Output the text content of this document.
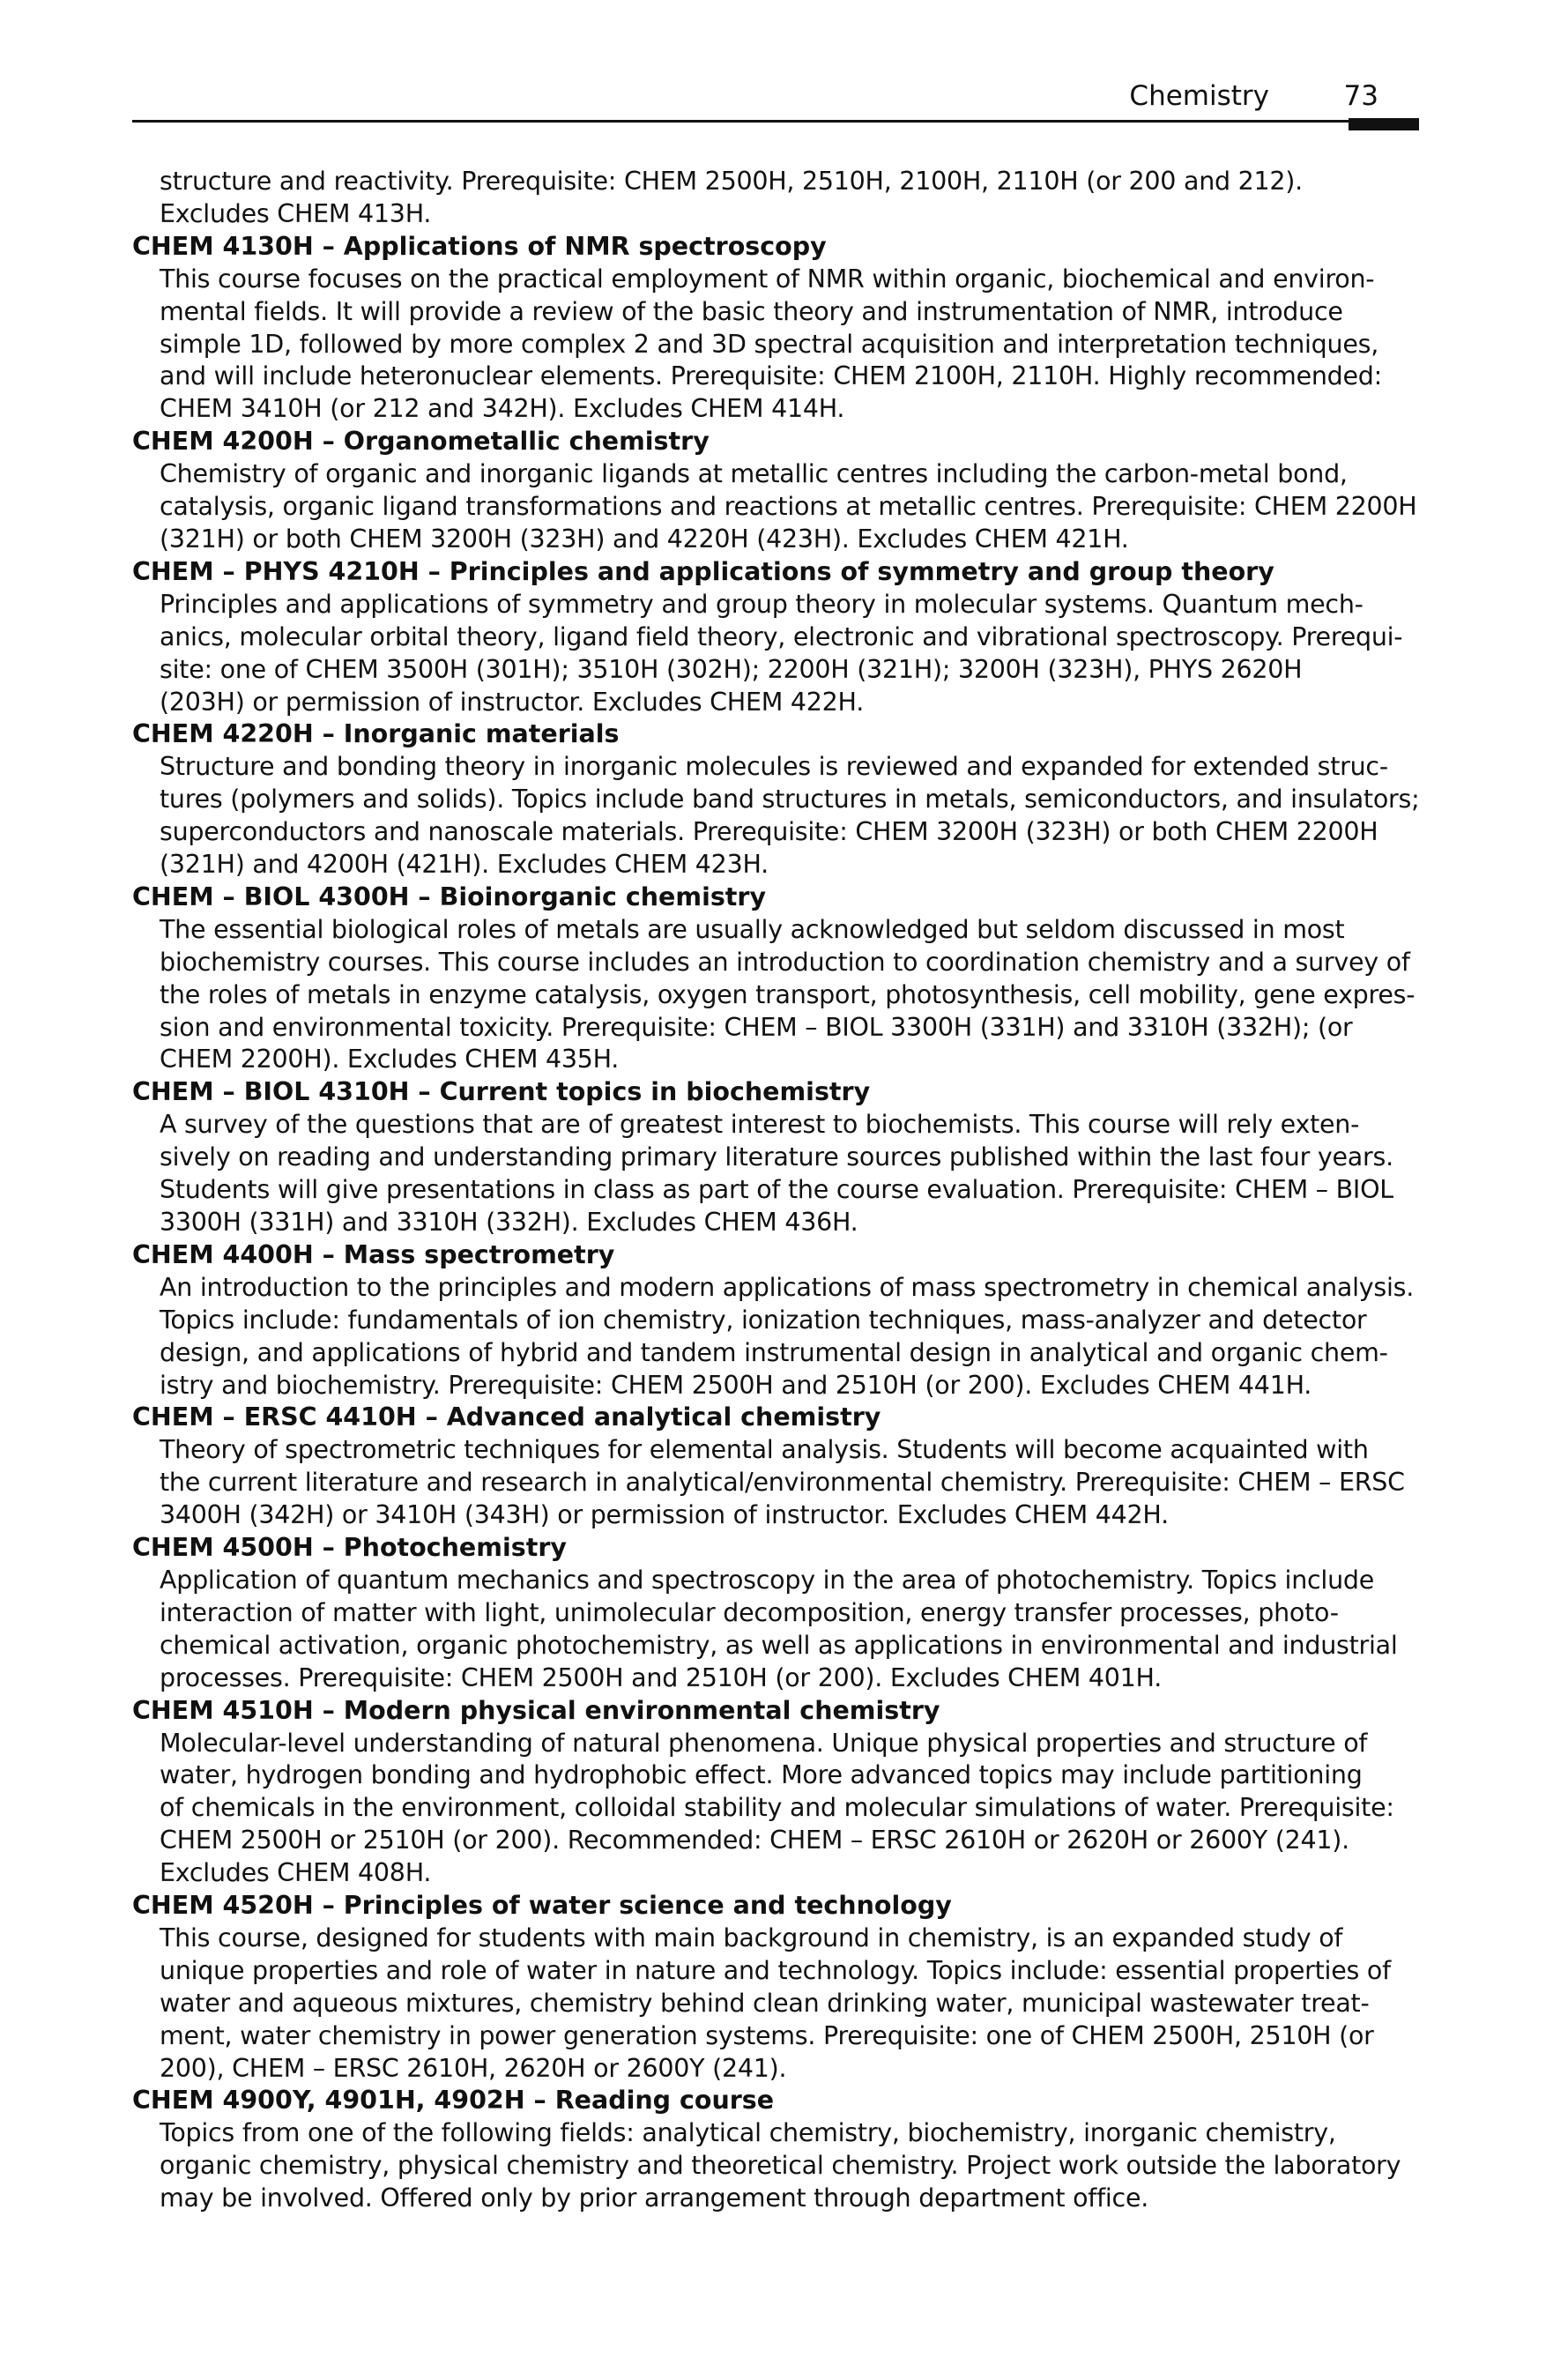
Chemistry	73
structure and reactivity. Prerequisite: CHEM 2500H, 2510H, 2100H, 2110H (or 200 and 212).
Excludes CHEM 413H.
CHEM 4130H – Applications of NMR spectroscopy
This course focuses on the practical employment of NMR within organic, biochemical and environ-
mental fields. It will provide a review of the basic theory and instrumentation of NMR, introduce
simple 1D, followed by more complex 2 and 3D spectral acquisition and interpretation techniques,
and will include heteronuclear elements. Prerequisite: CHEM 2100H, 2110H. Highly recommended:
CHEM 3410H (or 212 and 342H). Excludes CHEM 414H.
CHEM 4200H – Organometallic chemistry
Chemistry of organic and inorganic ligands at metallic centres including the carbon-metal bond,
catalysis, organic ligand transformations and reactions at metallic centres. Prerequisite: CHEM 2200H
(321H) or both CHEM 3200H (323H) and 4220H (423H). Excludes CHEM 421H.
CHEM – PHYS 4210H – Principles and applications of symmetry and group theory
Principles and applications of symmetry and group theory in molecular systems. Quantum mech-
anics, molecular orbital theory, ligand field theory, electronic and vibrational spectroscopy. Prerequi-
site: one of CHEM 3500H (301H); 3510H (302H); 2200H (321H); 3200H (323H), PHYS 2620H
(203H) or permission of instructor. Excludes CHEM 422H.
CHEM 4220H – Inorganic materials
Structure and bonding theory in inorganic molecules is reviewed and expanded for extended struc-
tures (polymers and solids). Topics include band structures in metals, semiconductors, and insulators;
superconductors and nanoscale materials. Prerequisite: CHEM 3200H (323H) or both CHEM 2200H
(321H) and 4200H (421H). Excludes CHEM 423H.
CHEM – BIOL 4300H – Bioinorganic chemistry
The essential biological roles of metals are usually acknowledged but seldom discussed in most
biochemistry courses. This course includes an introduction to coordination chemistry and a survey of
the roles of metals in enzyme catalysis, oxygen transport, photosynthesis, cell mobility, gene expres-
sion and environmental toxicity. Prerequisite: CHEM – BIOL 3300H (331H) and 3310H (332H); (or
CHEM 2200H). Excludes CHEM 435H.
CHEM – BIOL 4310H – Current topics in biochemistry
A survey of the questions that are of greatest interest to biochemists. This course will rely exten-
sively on reading and understanding primary literature sources published within the last four years.
Students will give presentations in class as part of the course evaluation. Prerequisite: CHEM – BIOL
3300H (331H) and 3310H (332H). Excludes CHEM 436H.
CHEM 4400H – Mass spectrometry
An introduction to the principles and modern applications of mass spectrometry in chemical analysis.
Topics include: fundamentals of ion chemistry, ionization techniques, mass-analyzer and detector
design, and applications of hybrid and tandem instrumental design in analytical and organic chem-
istry and biochemistry. Prerequisite: CHEM 2500H and 2510H (or 200). Excludes CHEM 441H.
CHEM – ERSC 4410H – Advanced analytical chemistry
Theory of spectrometric techniques for elemental analysis. Students will become acquainted with
the current literature and research in analytical/environmental chemistry. Prerequisite: CHEM – ERSC
3400H (342H) or 3410H (343H) or permission of instructor. Excludes CHEM 442H.
CHEM 4500H – Photochemistry
Application of quantum mechanics and spectroscopy in the area of photochemistry. Topics include
interaction of matter with light, unimolecular decomposition, energy transfer processes, photo-
chemical activation, organic photochemistry, as well as applications in environmental and industrial
processes. Prerequisite: CHEM 2500H and 2510H (or 200). Excludes CHEM 401H.
CHEM 4510H – Modern physical environmental chemistry
Molecular-level understanding of natural phenomena. Unique physical properties and structure of
water, hydrogen bonding and hydrophobic effect. More advanced topics may include partitioning
of chemicals in the environment, colloidal stability and molecular simulations of water. Prerequisite:
CHEM 2500H or 2510H (or 200). Recommended: CHEM – ERSC 2610H or 2620H or 2600Y (241).
Excludes CHEM 408H.
CHEM 4520H – Principles of water science and technology
This course, designed for students with main background in chemistry, is an expanded study of
unique properties and role of water in nature and technology. Topics include: essential properties of
water and aqueous mixtures, chemistry behind clean drinking water, municipal wastewater treat-
ment, water chemistry in power generation systems. Prerequisite: one of CHEM 2500H, 2510H (or
200), CHEM – ERSC 2610H, 2620H or 2600Y (241).
CHEM 4900Y, 4901H, 4902H – Reading course
Topics from one of the following fields: analytical chemistry, biochemistry, inorganic chemistry,
organic chemistry, physical chemistry and theoretical chemistry. Project work outside the laboratory
may be involved. Offered only by prior arrangement through department office.
